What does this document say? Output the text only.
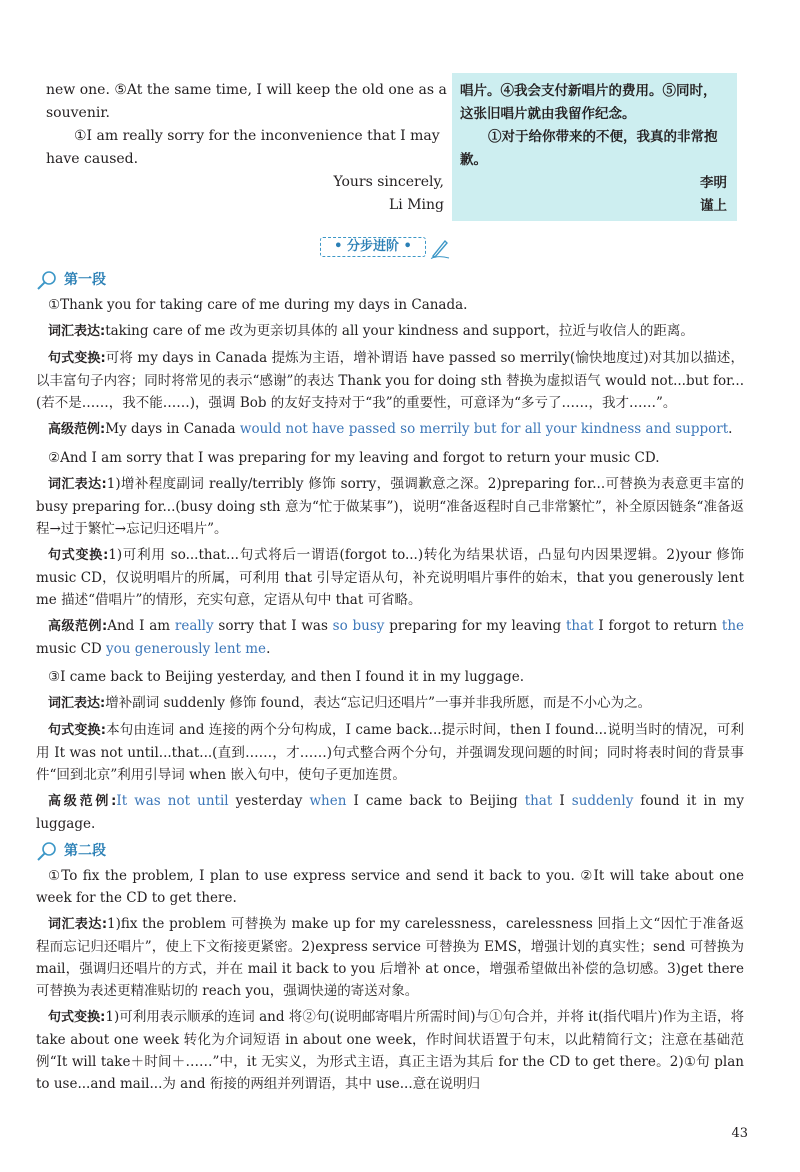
new one. ⑤At the same time, I will keep the old one as a souvenir.

①I am really sorry for the inconvenience that I may have caused.

Yours sincerely,

Li Ming

唱片。④我会支付新唱片的费用。⑤同时，这张旧唱片就由我留作纪念。

①对于给你带来的不便，我真的非常抱歉。

李明

谨上

• 分步进阶 •
第一段

①Thank you for taking care of me during my days in Canada.

词汇表达:taking care of me 改为更亲切具体的 all your kindness and support，拉近与收信人的距离。

句式变换:可将 my days in Canada 提炼为主语，增补谓语 have passed so merrily(愉快地度过)对其加以描述，以丰富句子内容；同时将常见的表示“感谢”的表达 Thank you for doing sth 替换为虚拟语气 would not...but for...(若不是……，我不能……)，强调 Bob 的友好支持对于“我”的重要性，可意译为“多亏了……，我才……”。

高级范例:My days in Canada would not have passed so merrily but for all your kindness and support.

②And I am sorry that I was preparing for my leaving and forgot to return your music CD.

词汇表达:1)增补程度副词 really/terribly 修饰 sorry，强调歉意之深。2)preparing for...可替换为表意更丰富的 busy preparing for...(busy doing sth 意为“忙于做某事”)，说明“准备返程时自己非常繁忙”，补全原因链条“准备返程→过于繁忙→忘记归还唱片”。

句式变换:1)可利用 so...that...句式将后一谓语(forgot to...)转化为结果状语，凸显句内因果逻辑。2)your 修饰 music CD，仅说明唱片的所属，可利用 that 引导定语从句，补充说明唱片事件的始末，that you generously lent me 描述“借唱片”的情形，充实句意，定语从句中 that 可省略。

高级范例:And I am really sorry that I was so busy preparing for my leaving that I forgot to return the music CD you generously lent me.

③I came back to Beijing yesterday, and then I found it in my luggage.

词汇表达:增补副词 suddenly 修饰 found，表达“忘记归还唱片”一事并非我所愿，而是不小心为之。

句式变换:本句由连词 and 连接的两个分句构成，I came back...提示时间，then I found...说明当时的情况，可利用 It was not until...that...(直到……，才……)句式整合两个分句，并强调发现问题的时间；同时将表时间的背景事件“回到北京”利用引导词 when 嵌入句中，使句子更加连贯。

高级范例:It was not until yesterday when I came back to Beijing that I suddenly found it in my luggage.

第二段

①To fix the problem, I plan to use express service and send it back to you. ②It will take about one week for the CD to get there.

词汇表达:1)fix the problem 可替换为 make up for my carelessness，carelessness 回指上文“因忙于准备返程而忘记归还唱片”，使上下文衔接更紧密。2)express service 可替换为 EMS，增强计划的真实性；send 可替换为 mail，强调归还唱片的方式，并在 mail it back to you 后增补 at once，增强希望做出补偿的急切感。3)get there 可替换为表述更精准贴切的 reach you，强调快递的寄送对象。

句式变换:1)可利用表示顺承的连词 and 将②句(说明邮寄唱片所需时间)与①句合并，并将 it(指代唱片)作为主语，将 take about one week 转化为介词短语 in about one week，作时间状语置于句末，以此精简行文；注意在基础范例“It will take＋时间＋……”中，it 无实义，为形式主语，真正主语为其后 for the CD to get there。2)①句 plan to use...and mail...为 and 衔接的两组并列谓语，其中 use...意在说明归

43
